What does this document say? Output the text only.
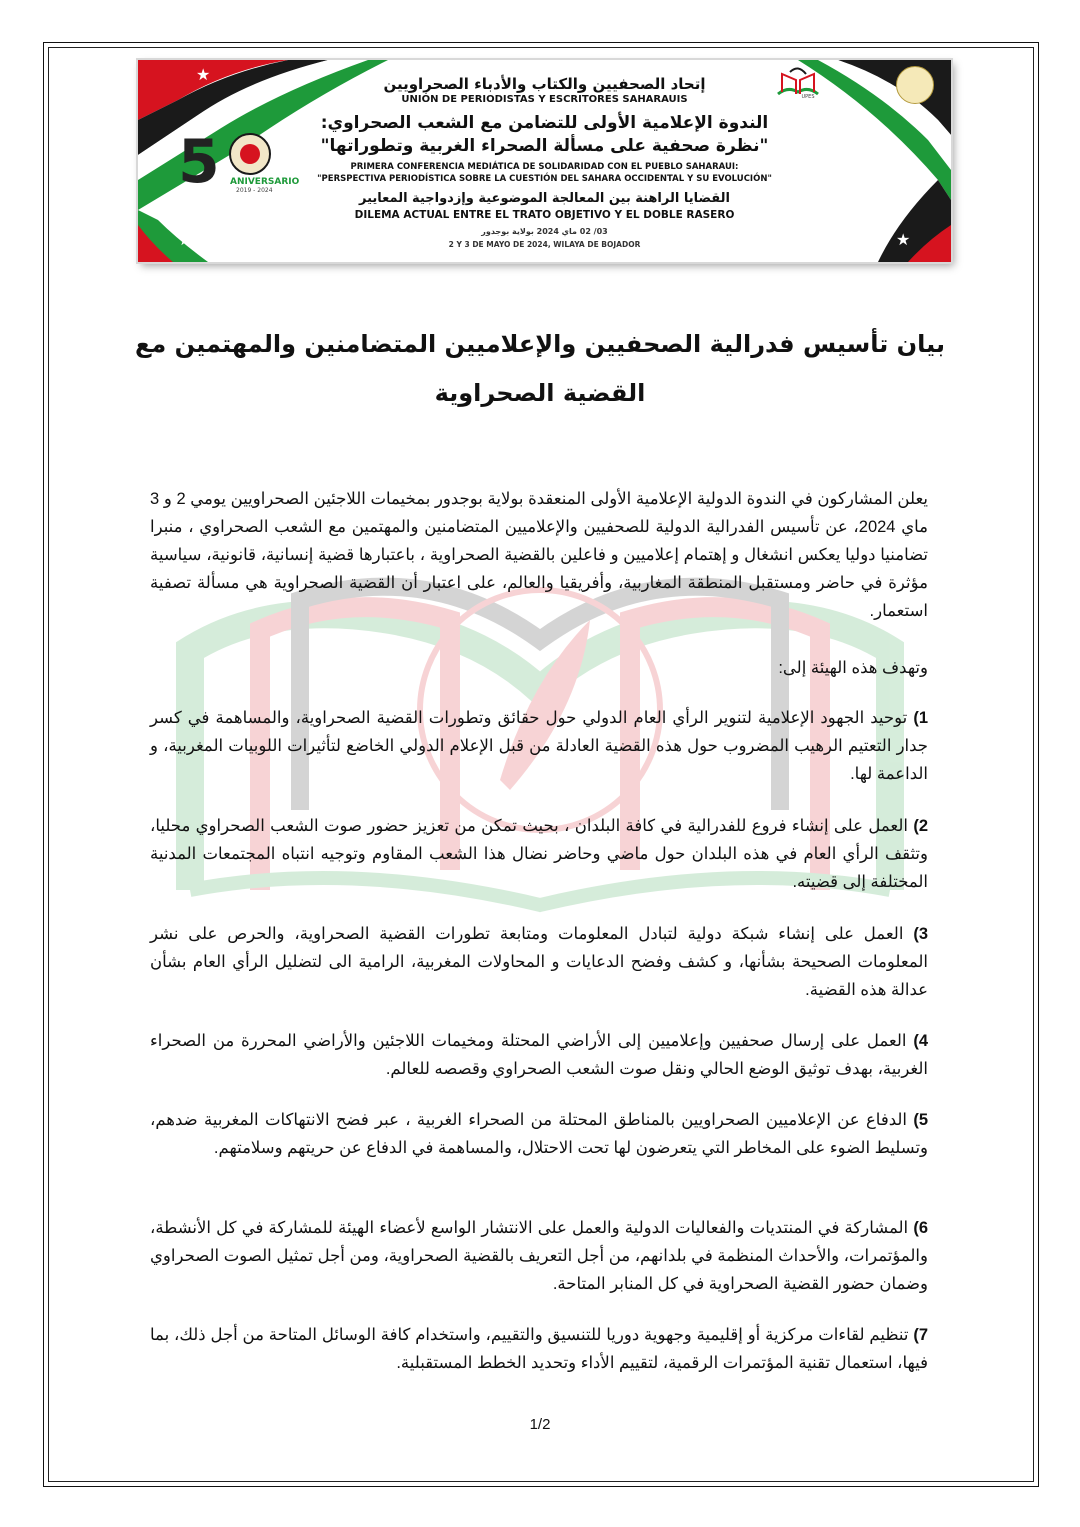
★
★	★
5 ANIVERSARIO
2019 - 2024
UPES
إتحاد الصحفيين والكتاب والأدباء الصحراويين
UNIÓN DE PERIODISTAS Y ESCRITORES SAHARAUIS
الندوة الإعلامية الأولى للتضامن مع الشعب الصحراوي:
"نظرة صحفية على مسألة الصحراء الغربية وتطوراتها"
PRIMERA CONFERENCIA MEDIÁTICA DE SOLIDARIDAD CON EL PUEBLO SAHARAUI:
"PERSPECTIVA PERIODÍSTICA SOBRE LA CUESTIÓN DEL SAHARA OCCIDENTAL Y SU EVOLUCIÓN"
القضايا الراهنة بين المعالجة الموضوعية وإزدواجية المعايير
DILEMA ACTUAL ENTRE EL TRATO OBJETIVO Y EL DOBLE RASERO
03/ 02 ماي 2024 بولاية بوجدور
2 Y 3 DE MAYO DE 2024, WILAYA DE BOJADOR
بيان تأسيس فدرالية الصحفيين والإعلاميين المتضامنين والمهتمين مع القضية الصحراوية
يعلن المشاركون في الندوة الدولية الإعلامية الأولى المنعقدة بولاية بوجدور بمخيمات اللاجئين الصحراويين يومي 2 و 3 ماي 2024، عن تأسيس الفدرالية الدولية للصحفيين والإعلاميين المتضامنين والمهتمين مع الشعب الصحراوي ، منبرا تضامنيا دوليا يعكس انشغال و إهتمام إعلاميين و فاعلين بالقضية الصحراوية ، باعتبارها قضية إنسانية، قانونية، سياسية مؤثرة في حاضر ومستقبل المنطقة المغاربية، وأفريقيا والعالم، على اعتبار أن القضية الصحراوية هي مسألة تصفية استعمار.
وتهدف هذه الهيئة إلى:
1) توحيد الجهود الإعلامية لتنوير الرأي العام الدولي حول حقائق وتطورات القضية الصحراوية، والمساهمة في كسر جدار التعتيم الرهيب المضروب حول هذه القضية العادلة من قبل الإعلام الدولي الخاضع لتأثيرات اللوبيات المغربية، و الداعمة لها.
2) العمل على إنشاء فروع للفدرالية في كافة البلدان ، بحيث تمكن من تعزيز حضور صوت الشعب الصحراوي محليا، وتثقف الرأي العام في هذه البلدان حول ماضي وحاضر نضال هذا الشعب المقاوم وتوجيه انتباه المجتمعات المدنية المختلفة إلى قضيته.
3) العمل على إنشاء شبكة دولية لتبادل المعلومات ومتابعة تطورات القضية الصحراوية، والحرص على نشر المعلومات الصحيحة بشأنها، و كشف وفضح الدعايات و المحاولات المغربية، الرامية الى لتضليل الرأي العام بشأن عدالة هذه القضية.
4) العمل على إرسال صحفيين وإعلاميين إلى الأراضي المحتلة ومخيمات اللاجئين والأراضي المحررة من الصحراء الغربية، بهدف توثيق الوضع الحالي ونقل صوت الشعب الصحراوي وقصصه للعالم.
5) الدفاع عن الإعلاميين الصحراويين بالمناطق المحتلة من الصحراء الغربية ، عبر فضح الانتهاكات المغربية ضدهم، وتسليط الضوء على المخاطر التي يتعرضون لها تحت الاحتلال، والمساهمة في الدفاع عن حريتهم وسلامتهم.
6) المشاركة في المنتديات والفعاليات الدولية والعمل على الانتشار الواسع لأعضاء الهيئة للمشاركة في كل الأنشطة، والمؤتمرات، والأحداث المنظمة في بلدانهم، من أجل التعريف بالقضية الصحراوية، ومن أجل تمثيل الصوت الصحراوي وضمان حضور القضية الصحراوية في كل المنابر المتاحة.
7) تنظيم لقاءات مركزية أو إقليمية وجهوية دوريا للتنسيق والتقييم، واستخدام كافة الوسائل المتاحة من أجل ذلك، بما فيها، استعمال تقنية المؤتمرات الرقمية، لتقييم الأداء وتحديد الخطط المستقبلية.
1/2
